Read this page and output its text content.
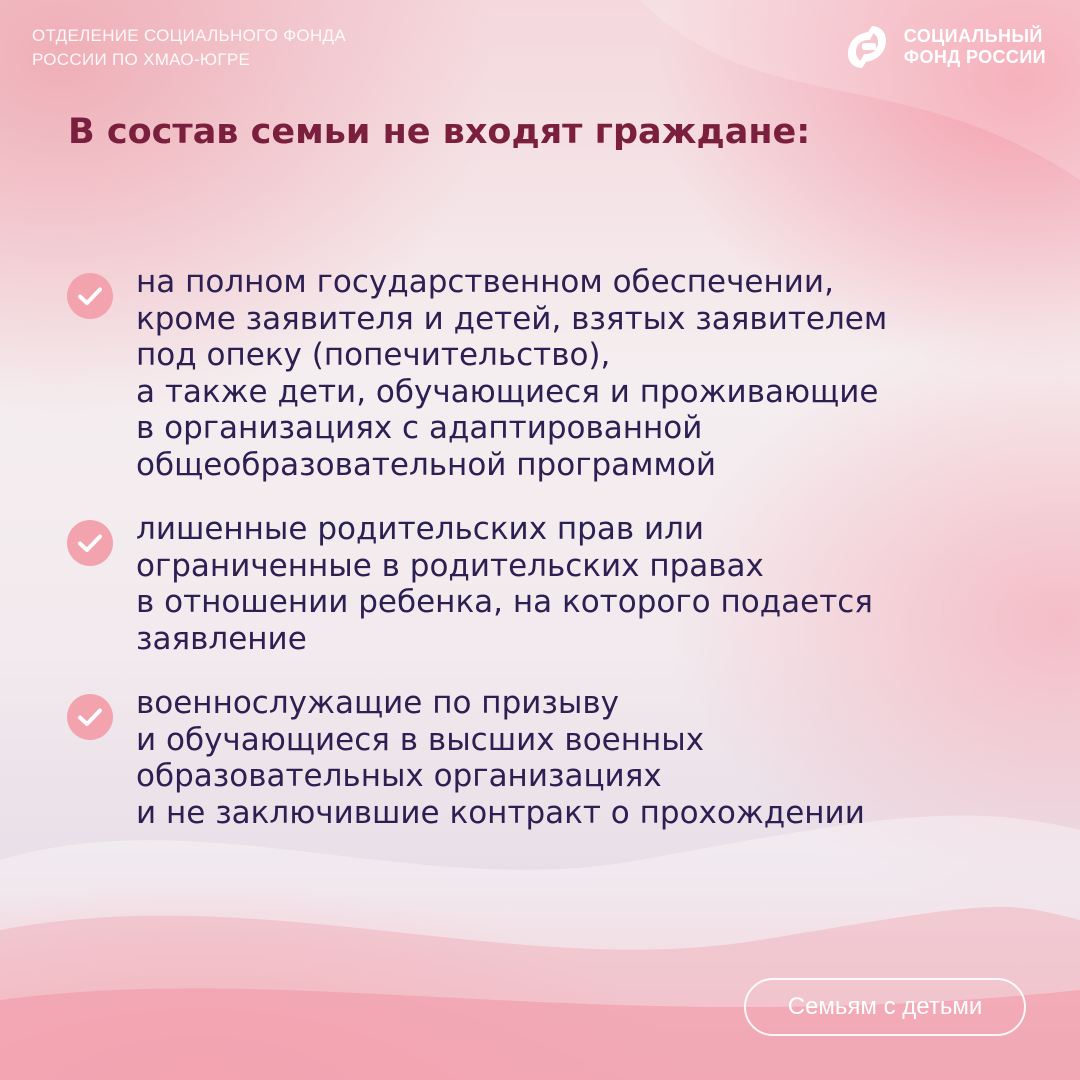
ОТДЕЛЕНИЕ СОЦИАЛЬНОГО ФОНДА
РОССИИ ПО ХМАО-ЮГРЕ
СОЦИАЛЬНЫЙ
ФОНД РОССИИ
В состав семьи не входят граждане:
на полном государственном обеспечении,
кроме заявителя и детей, взятых заявителем
под опеку (попечительство),
а также дети, обучающиеся и проживающие
в организациях с адаптированной
общеобразовательной программой
лишенные родительских прав или
ограниченные в родительских правах
в отношении ребенка, на которого подается
заявление
военнослужащие по призыву
и обучающиеся в высших военных
образовательных организациях
и не заключившие контракт о прохождении
Семьям с детьми
